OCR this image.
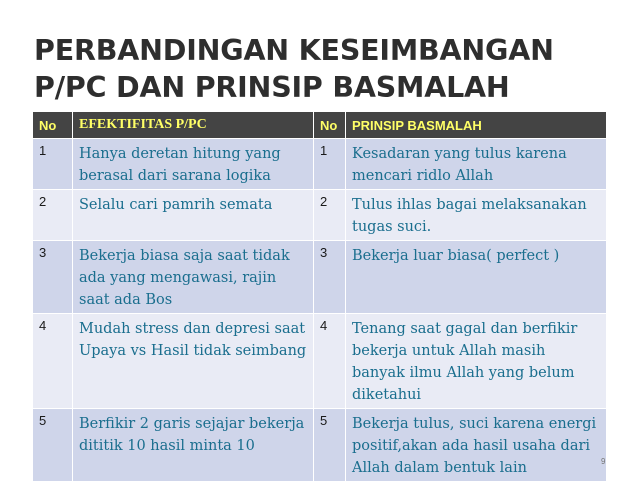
PERBANDINGAN KESEIMBANGAN
P/PC DAN PRINSIP BASMALAH
No	EFEKTIFITAS P/PC	No	PRINSIP BASMALAH
1	Hanya deretan hitung yang berasal dari sarana logika	1	Kesadaran yang tulus karena mencari ridlo Allah
2	Selalu cari pamrih semata	2	Tulus ihlas bagai melaksanakan tugas suci.
3	Bekerja biasa saja saat tidak ada yang mengawasi, rajin saat ada Bos	3	Bekerja luar biasa( perfect )
4	Mudah stress dan depresi saat Upaya vs Hasil tidak seimbang	4	Tenang saat gagal dan berfikir bekerja untuk Allah masih banyak ilmu Allah yang belum diketahui
5	Berfikir 2 garis sejajar bekerja dititik 10 hasil minta 10	5	Bekerja tulus, suci karena energi positif,akan ada hasil usaha dari Allah dalam bentuk lain	9
